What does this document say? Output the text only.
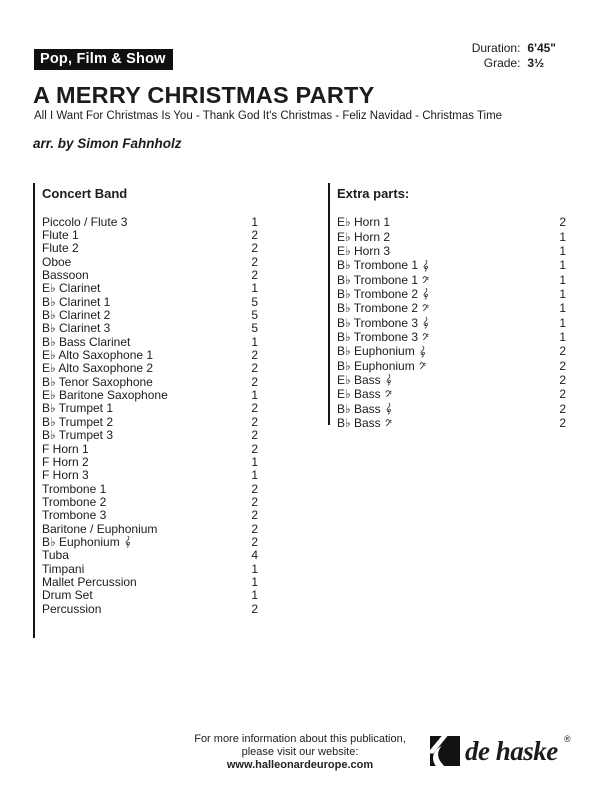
Pop, Film & Show
Duration: 6'45"
Grade: 3½
A MERRY CHRISTMAS PARTY
All I Want For Christmas Is You - Thank God It's Christmas - Feliz Navidad - Christmas Time
arr. by Simon Fahnholz
Concert Band
Piccolo / Flute 3	1
Flute 1	2
Flute 2	2
Oboe	2
Bassoon	2
E♭ Clarinet	1
B♭ Clarinet 1	5
B♭ Clarinet 2	5
B♭ Clarinet 3	5
B♭ Bass Clarinet	1
E♭ Alto Saxophone 1	2
E♭ Alto Saxophone 2	2
B♭ Tenor Saxophone	2
E♭ Baritone Saxophone	1
B♭ Trumpet 1	2
B♭ Trumpet 2	2
B♭ Trumpet 3	2
F Horn 1	2
F Horn 2	1
F Horn 3	1
Trombone 1	2
Trombone 2	2
Trombone 3	2
Baritone / Euphonium	2
B♭ Euphonium	2
Tuba	4
Timpani	1
Mallet Percussion	1
Drum Set	1
Percussion	2
Extra parts:
E♭ Horn 1	2
E♭ Horn 2	1
E♭ Horn 3	1
B♭ Trombone 1	1
B♭ Trombone 1	1
B♭ Trombone 2	1
B♭ Trombone 2	1
B♭ Trombone 3	1
B♭ Trombone 3	1
B♭ Euphonium	2
B♭ Euphonium	2
E♭ Bass	2
E♭ Bass	2
B♭ Bass	2
B♭ Bass	2
For more information about this publication,
please visit our website:
www.halleonardeurope.com	de haske ®
